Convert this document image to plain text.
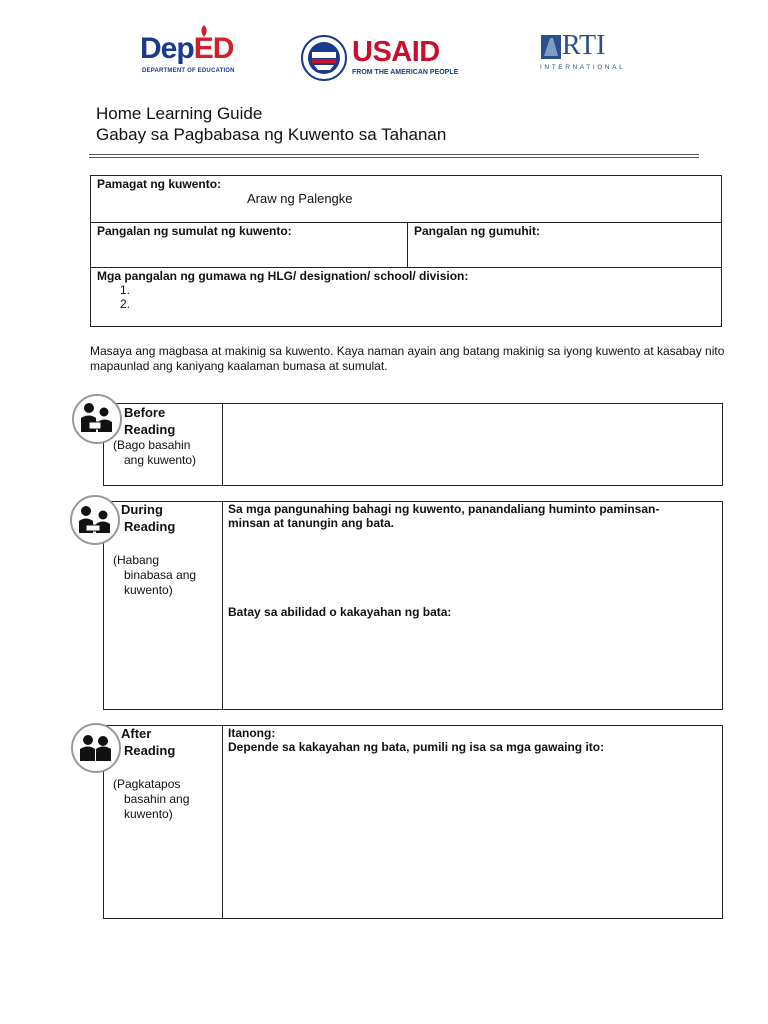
DepED
DEPARTMENT OF EDUCATION
USAID
FROM THE AMERICAN PEOPLE
RTI
INTERNATIONAL
Home Learning Guide
Gabay sa Pagbabasa ng Kuwento sa Tahanan
Pamagat ng kuwento:
Araw ng Palengke
Pangalan ng sumulat ng kuwento:	Pangalan ng gumuhit:
Mga pangalan ng gumawa ng HLG/ designation/ school/ division:
1.
2.
Masaya ang magbasa at makinig sa kuwento. Kaya naman ayain ang batang makinig sa iyong kuwento at kasabay nito mapaunlad ang kaniyang kaalaman bumasa at sumulat.
Before
Reading
(Bago basahin
ang kuwento)
During
Reading
(Habang
binabasa ang
kuwento)
Sa mga pangunahing bahagi ng kuwento, panandaliang huminto paminsan-
minsan at tanungin ang bata.
Batay sa abilidad o kakayahan ng bata:
After
Reading
(Pagkatapos
basahin ang
kuwento)
Itanong:
Depende sa kakayahan ng bata, pumili ng isa sa mga gawaing ito:
